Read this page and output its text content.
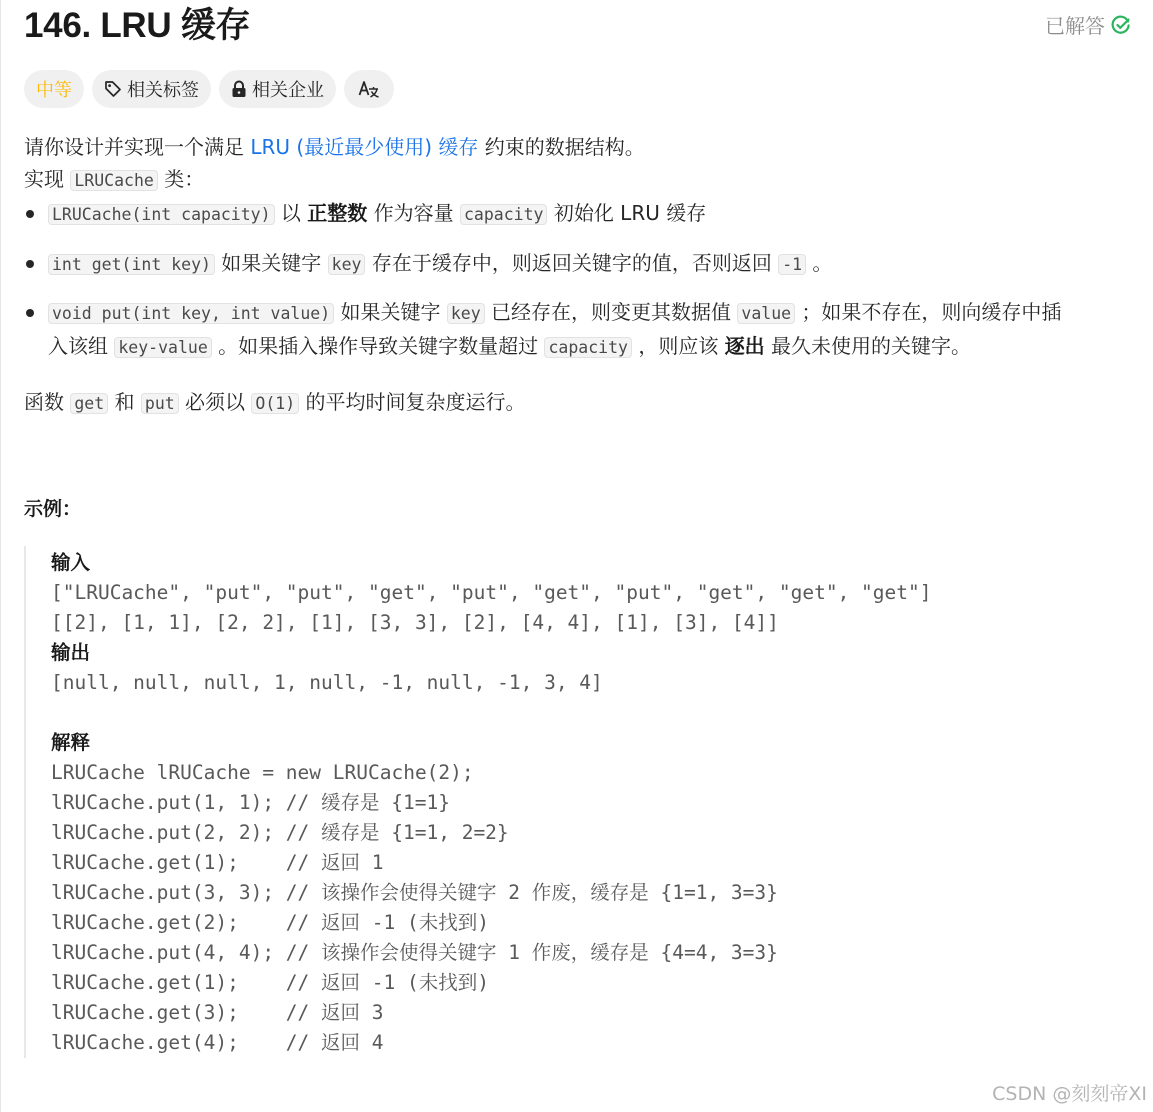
146. LRU 缓存	已解答
中等	相关标签	相关企业

请你设计并实现一个满足 LRU (最近最少使用) 缓存 约束的数据结构。

实现 LRUCache 类：

LRUCache(int capacity) 以 正整数 作为容量 capacity 初始化 LRU 缓存
int get(int key) 如果关键字 key 存在于缓存中，则返回关键字的值，否则返回 -1 。
void put(int key, int value) 如果关键字 key 已经存在，则变更其数据值 value ；如果不存在，则向缓存中插
入该组 key-value 。如果插入操作导致关键字数量超过 capacity ，则应该 逐出 最久未使用的关键字。

函数 get 和 put 必须以 O(1) 的平均时间复杂度运行。

示例：
输入
["LRUCache", "put", "put", "get", "put", "get", "put", "get", "get", "get"]
[[2], [1, 1], [2, 2], [1], [3, 3], [2], [4, 4], [1], [3], [4]]
输出
[null, null, null, 1, null, -1, null, -1, 3, 4]
解释
LRUCache lRUCache = new LRUCache(2);
lRUCache.put(1, 1); // 缓存是 {1=1}
lRUCache.put(2, 2); // 缓存是 {1=1, 2=2}
lRUCache.get(1);    // 返回 1
lRUCache.put(3, 3); // 该操作会使得关键字 2 作废，缓存是 {1=1, 3=3}
lRUCache.get(2);    // 返回 -1 (未找到)
lRUCache.put(4, 4); // 该操作会使得关键字 1 作废，缓存是 {4=4, 3=3}
lRUCache.get(1);    // 返回 -1 (未找到)
lRUCache.get(3);    // 返回 3
lRUCache.get(4);    // 返回 4
CSDN @刻刻帝XI
